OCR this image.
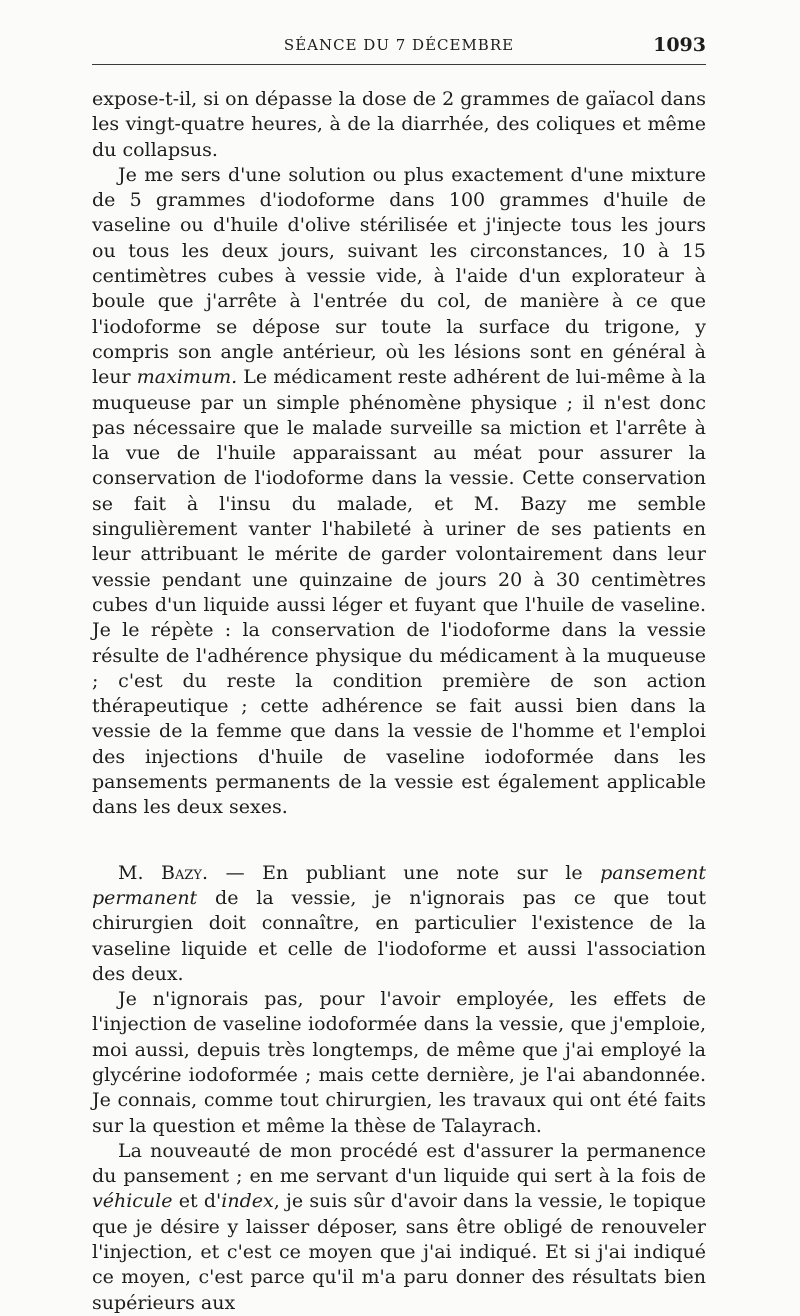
SÉANCE DU 7 DÉCEMBRE	1093

expose-t-il, si on dépasse la dose de 2 grammes de gaïacol dans les vingt-quatre heures, à de la diarrhée, des coliques et même du collapsus.

Je me sers d'une solution ou plus exactement d'une mixture de 5 grammes d'iodoforme dans 100 grammes d'huile de vaseline ou d'huile d'olive stérilisée et j'injecte tous les jours ou tous les deux jours, suivant les circonstances, 10 à 15 centimètres cubes à vessie vide, à l'aide d'un explorateur à boule que j'arrête à l'entrée du col, de manière à ce que l'iodoforme se dépose sur toute la surface du trigone, y compris son angle antérieur, où les lésions sont en général à leur maximum. Le médicament reste adhérent de lui-même à la muqueuse par un simple phénomène physique ; il n'est donc pas nécessaire que le malade surveille sa miction et l'arrête à la vue de l'huile apparaissant au méat pour assurer la conservation de l'iodoforme dans la vessie. Cette conservation se fait à l'insu du malade, et M. Bazy me semble singulièrement vanter l'habileté à uriner de ses patients en leur attribuant le mérite de garder volontairement dans leur vessie pendant une quinzaine de jours 20 à 30 centimètres cubes d'un liquide aussi léger et fuyant que l'huile de vaseline. Je le répète : la conservation de l'iodoforme dans la vessie résulte de l'adhérence physique du médicament à la muqueuse ; c'est du reste la condition première de son action thérapeutique ; cette adhérence se fait aussi bien dans la vessie de la femme que dans la vessie de l'homme et l'emploi des injections d'huile de vaseline iodoformée dans les pansements permanents de la vessie est également applicable dans les deux sexes.

M. Bazy. — En publiant une note sur le pansement permanent de la vessie, je n'ignorais pas ce que tout chirurgien doit connaître, en particulier l'existence de la vaseline liquide et celle de l'iodoforme et aussi l'association des deux.

Je n'ignorais pas, pour l'avoir employée, les effets de l'injection de vaseline iodoformée dans la vessie, que j'emploie, moi aussi, depuis très longtemps, de même que j'ai employé la glycérine iodoformée ; mais cette dernière, je l'ai abandonnée. Je connais, comme tout chirurgien, les travaux qui ont été faits sur la question et même la thèse de Talayrach.

La nouveauté de mon procédé est d'assurer la permanence du pansement ; en me servant d'un liquide qui sert à la fois de véhicule et d'index, je suis sûr d'avoir dans la vessie, le topique que je désire y laisser déposer, sans être obligé de renouveler l'injection, et c'est ce moyen que j'ai indiqué. Et si j'ai indiqué ce moyen, c'est parce qu'il m'a paru donner des résultats bien supérieurs aux
